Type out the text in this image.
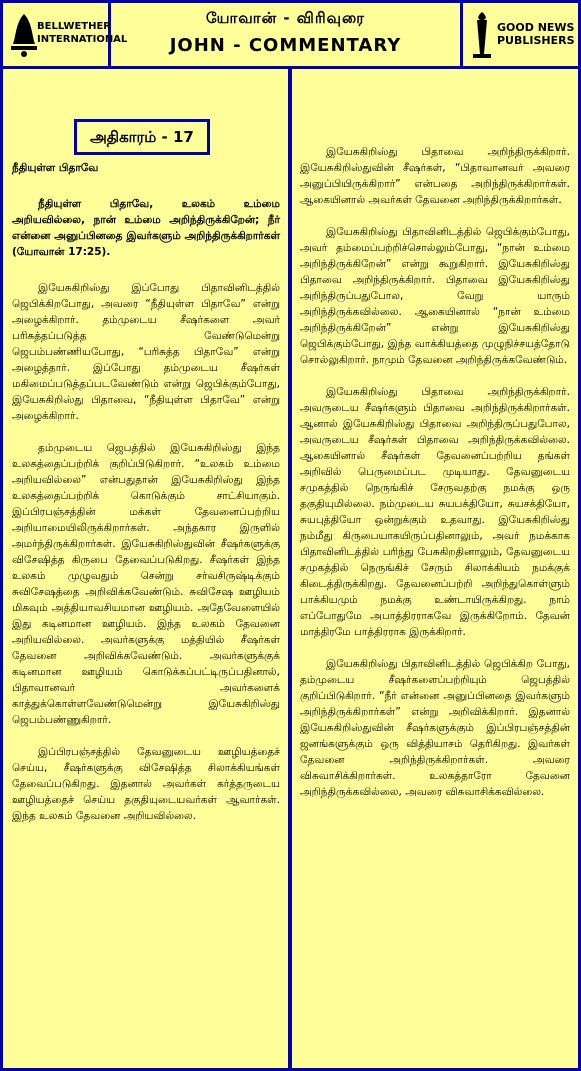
BELLWETHER
INTERNATIONAL
யோவான் - விரிவுரை
JOHN - COMMENTARY
GOOD NEWS
PUBLISHERS
அதிகாரம் - 17

நீதியுள்ள பிதாவே

நீதியுள்ள பிதாவே, உலகம் உம்மை அறியவில்லை, நான் உம்மை அறிந்திருக்கிறேன்; நீர் என்னை அனுப்பினதை இவர்களும் அறிந்திருக்கிறார்கள் (யோவான் 17:25).

இயேசுகிறிஸ்து இப்போது பிதாவினிடத்தில் ஜெபிக்கிறபோது, அவரை “நீதியுள்ள பிதாவே” என்று அழைக்கிறார். தம்முடைய சீஷர்களை அவர் பரிசுத்தப்படுத்த வேண்டுமென்று ஜெபம்பண்ணியபோது, “பரிசுத்த பிதாவே” என்று அழைத்தார். இப்போது தம்முடைய சீஷர்கள் மகிமைப்படுத்தப்படவேண்டும் என்று ஜெபிக்கும்போது, இயேசுகிறிஸ்து பிதாவை, “நீதியுள்ள பிதாவே” என்று அழைக்கிறார்.

தம்முடைய ஜெபத்தில் இயேசுகிறிஸ்து இந்த உலகத்தைப்பற்றிக் குறிப்பிடுகிறார். “உலகம் உம்மை அறியவில்லை” என்பதுதான் இயேசுகிறிஸ்து இந்த உலகத்தைப்பற்றிக் கொடுக்கும் சாட்சியாகும். இப்பிரபஞ்சத்தின் மக்கள் தேவனைப்பற்றிய அறியாமையிலிருக்கிறார்கள். அந்தகார இருளில் அமர்ந்திருக்கிறார்கள். இயேசுகிறிஸ்துவின் சீஷர்களுக்கு விசேஷித்த கிருபை தேவைப்படுகிறது. சீஷர்கள் இந்த உலகம் முழுவதும் சென்று சர்வசிருஷ்டிக்கும் சுவிசேஷத்தை அறிவிக்கவேண்டும். சுவிசேஷ ஊழியம் மிகவும் அத்தியாவசியமான ஊழியம். அதேவேளையில் இது கடினமான ஊழியம். இந்த உலகம் தேவனை அறியவில்லை. அவர்களுக்கு மத்தியில் சீஷர்கள் தேவனை அறிவிக்கவேண்டும். அவர்களுக்குக் கடினமான ஊழியம் கொடுக்கப்பட்டிருப்பதினால், பிதாவானவர் அவர்களைக் காத்துக்கொள்ளவேண்டுமென்று இயேசுகிறிஸ்து ஜெபம்பண்ணுகிறார்.

இப்பிரபஞ்சத்தில் தேவனுடைய ஊழியத்தைச் செய்ய, சீஷர்களுக்கு விசேஷித்த சிலாக்கியங்கள் தேவைப்படுகிறது. இதனால் அவர்கள் கர்த்தருடைய ஊழியத்தைச் செய்ய தகுதியுடையவர்கள் ஆவார்கள். இந்த உலகம் தேவனை அறியவில்லை.

இயேசுகிறிஸ்து பிதாவை அறிந்திருக்கிறார். இயேசுகிறிஸ்துவின் சீஷர்கள், “பிதாவானவர் அவரை அனுப்பியிருக்கிறார்” என்பதை அறிந்திருக்கிறார்கள். ஆகையினால் அவர்கள் தேவனை அறிந்திருக்கிறார்கள்.

இயேசுகிறிஸ்து பிதாவினிடத்தில் ஜெபிக்கும்போது, அவர் தம்மைப்பற்றிச்சொல்லும்போது, “நான் உம்மை அறிந்திருக்கிறேன்” என்று கூறுகிறார். இயேசுகிறிஸ்து பிதாவை அறிந்திருக்கிறார். பிதாவை இயேசுகிறிஸ்து அறிந்திருப்பதுபோல, வேறு யாரும் அறிந்திருக்கவில்லை. ஆகையினால் “நான் உம்மை அறிந்திருக்கிறேன்” என்று இயேசுகிறிஸ்து ஜெபிக்கும்போது, இந்த வாக்கியத்தை முழுநிச்சயத்தோடு சொல்லுகிறார். நாமும் தேவனை அறிந்திருக்கவேண்டும்.

இயேசுகிறிஸ்து பிதாவை அறிந்திருக்கிறார். அவருடைய சீஷர்களும் பிதாவை அறிந்திருக்கிறார்கள். ஆனால் இயேசுகிறிஸ்து பிதாவை அறிந்திருப்பதுபோல, அவருடைய சீஷர்கள் பிதாவை அறிந்திருக்கவில்லை. ஆகையினால் சீஷர்கள் தேவனைப்பற்றிய தங்கள் அறிவில் பெருமைப்பட முடியாது. தேவனுடைய சமுகத்தில் நெருங்கிச் சேருவதற்கு நமக்கு ஒரு தகுதியுமில்லை. நம்முடைய சுயபக்தியோ, சுயசக்தியோ, சுயபுத்தியோ ஒன்றுக்கும் உதவாது. இயேசுகிறிஸ்து நம்மீது கிருபையாகயிருப்பதினாலும், அவர் நமக்காக பிதாவினிடத்தில் பரிந்து பேசுகிறதினாலும், தேவனுடைய சமுகத்தில் நெருங்கிச் சேரும் சிலாக்கியம் நமக்குக் கிடைத்திருக்கிறது. தேவனைப்பற்றி அறிந்துகொள்ளும் பாக்கியமும் நமக்கு உண்டாயிருக்கிறது. நாம் எப்போதுமே அபாத்திரராகவே இருக்கிறோம். தேவன் மாத்திரமே பாத்திரராக இருக்கிறார்.

இயேசுகிறிஸ்து பிதாவினிடத்தில் ஜெபிக்கிற போது, தம்முடைய சீஷர்களைப்பற்றியும் ஜெபத்தில் குறிப்பிடுகிறார். “நீர் என்னை அனுப்பினதை இவர்களும் அறிந்திருக்கிறார்கள்” என்று அறிவிக்கிறார். இதனால் இயேசுகிறிஸ்துவின் சீஷர்களுக்கும் இப்பிரபஞ்சத்தின் ஜனங்களுக்கும் ஒரு வித்தியாசம் தெரிகிறது. இவர்கள் தேவனை அறிந்திருக்கிறார்கள். அவரை விசுவாசிக்கிறார்கள். உலகத்தாரோ தேவனை அறிந்திருக்கவில்லை, அவரை விசுவாசிக்கவில்லை.
